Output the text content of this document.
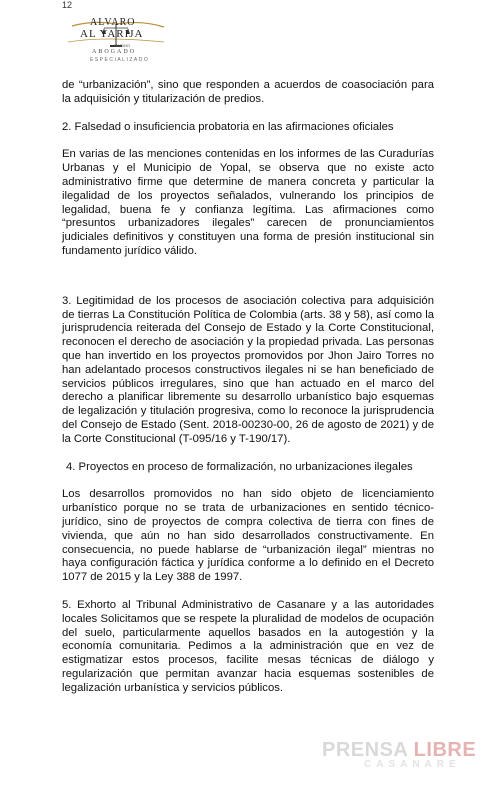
12
ALVARO
AL YARIJA
MARINO
ABOGADO
ESPECIALIZADO

de “urbanización”, sino que responden a acuerdos de coasociación para la adquisición y titularización de predios.

2. Falsedad o insuficiencia probatoria en las afirmaciones oficiales

En varias de las menciones contenidas en los informes de las Curadurías Urbanas y el Municipio de Yopal, se observa que no existe acto administrativo firme que determine de manera concreta y particular la ilegalidad de los proyectos señalados, vulnerando los principios de legalidad, buena fe y confianza legítima. Las afirmaciones como “presuntos urbanizadores ilegales” carecen de pronunciamientos judiciales definitivos y constituyen una forma de presión institucional sin fundamento jurídico válido.

3. Legitimidad de los procesos de asociación colectiva para adquisición de tierras La Constitución Política de Colombia (arts. 38 y 58), así como la jurisprudencia reiterada del Consejo de Estado y la Corte Constitucional, reconocen el derecho de asociación y la propiedad privada. Las personas que han invertido en los proyectos promovidos por Jhon Jairo Torres no han adelantado procesos constructivos ilegales ni se han beneficiado de servicios públicos irregulares, sino que han actuado en el marco del derecho a planificar libremente su desarrollo urbanístico bajo esquemas de legalización y titulación progresiva, como lo reconoce la jurisprudencia del Consejo de Estado (Sent. 2018-00230-00, 26 de agosto de 2021) y de la Corte Constitucional (T-095/16 y T-190/17).

4. Proyectos en proceso de formalización, no urbanizaciones ilegales

Los desarrollos promovidos no han sido objeto de licenciamiento urbanístico porque no se trata de urbanizaciones en sentido técnico-jurídico, sino de proyectos de compra colectiva de tierra con fines de vivienda, que aún no han sido desarrollados constructivamente. En consecuencia, no puede hablarse de “urbanización ilegal” mientras no haya configuración fáctica y jurídica conforme a lo definido en el Decreto 1077 de 2015 y la Ley 388 de 1997.

5. Exhorto al Tribunal Administrativo de Casanare y a las autoridades locales Solicitamos que se respete la pluralidad de modelos de ocupación del suelo, particularmente aquellos basados en la autogestión y la economía comunitaria. Pedimos a la administración que en vez de estigmatizar estos procesos, facilite mesas técnicas de diálogo y regularización que permitan avanzar hacia esquemas sostenibles de legalización urbanística y servicios públicos.

PRENSA LIBRE
CASANARE
